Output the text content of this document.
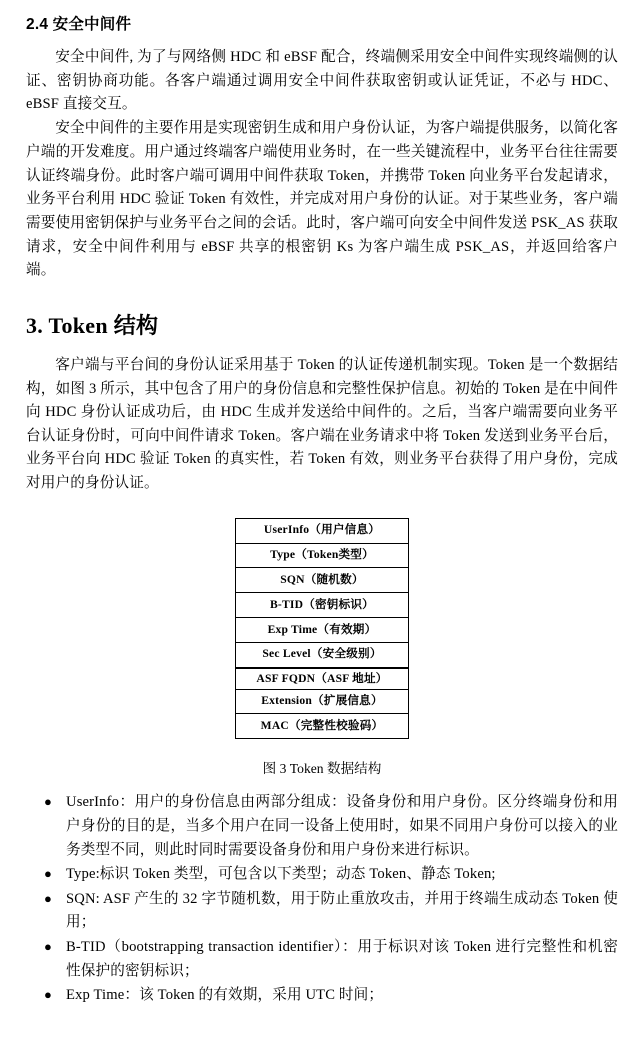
2.4 安全中间件

安全中间件, 为了与网络侧 HDC 和 eBSF 配合，终端侧采用安全中间件实现终端侧的认证、密钥协商功能。各客户端通过调用安全中间件获取密钥或认证凭证，不必与 HDC、eBSF 直接交互。

安全中间件的主要作用是实现密钥生成和用户身份认证，为客户端提供服务，以简化客户端的开发难度。用户通过终端客户端使用业务时，在一些关键流程中，业务平台往往需要认证终端身份。此时客户端可调用中间件获取 Token，并携带 Token 向业务平台发起请求，业务平台利用 HDC 验证 Token 有效性，并完成对用户身份的认证。对于某些业务，客户端需要使用密钥保护与业务平台之间的会话。此时，客户端可向安全中间件发送 PSK_AS 获取请求，安全中间件利用与 eBSF 共享的根密钥 Ks 为客户端生成 PSK_AS，并返回给客户端。

3. Token 结构

客户端与平台间的身份认证采用基于 Token 的认证传递机制实现。Token 是一个数据结构，如图 3 所示，其中包含了用户的身份信息和完整性保护信息。初始的 Token 是在中间件向 HDC 身份认证成功后，由 HDC 生成并发送给中间件的。之后，当客户端需要向业务平台认证身份时，可向中间件请求 Token。客户端在业务请求中将 Token 发送到业务平台后，业务平台向 HDC 验证 Token 的真实性，若 Token 有效，则业务平台获得了用户身份，完成对用户的身份认证。

UserInfo（用户信息）
Type（Token类型）
SQN（随机数）
B-TID（密钥标识）
Exp Time（有效期）
Sec Level（安全级别）
ASF FQDN（ASF 地址）
Extension（扩展信息）
MAC（完整性校验码）
图 3 Token 数据结构
● UserInfo：用户的身份信息由两部分组成：设备身份和用户身份。区分终端身份和用户身份的目的是，当多个用户在同一设备上使用时，如果不同用户身份可以接入的业务类型不同，则此时同时需要设备身份和用户身份来进行标识。
● Type:标识 Token 类型，可包含以下类型；动态 Token、静态 Token;
● SQN: ASF 产生的 32 字节随机数，用于防止重放攻击，并用于终端生成动态 Token 使用；
● B-TID（bootstrapping transaction identifier）：用于标识对该 Token 进行完整性和机密性保护的密钥标识；
● Exp Time：该 Token 的有效期，采用 UTC 时间；
